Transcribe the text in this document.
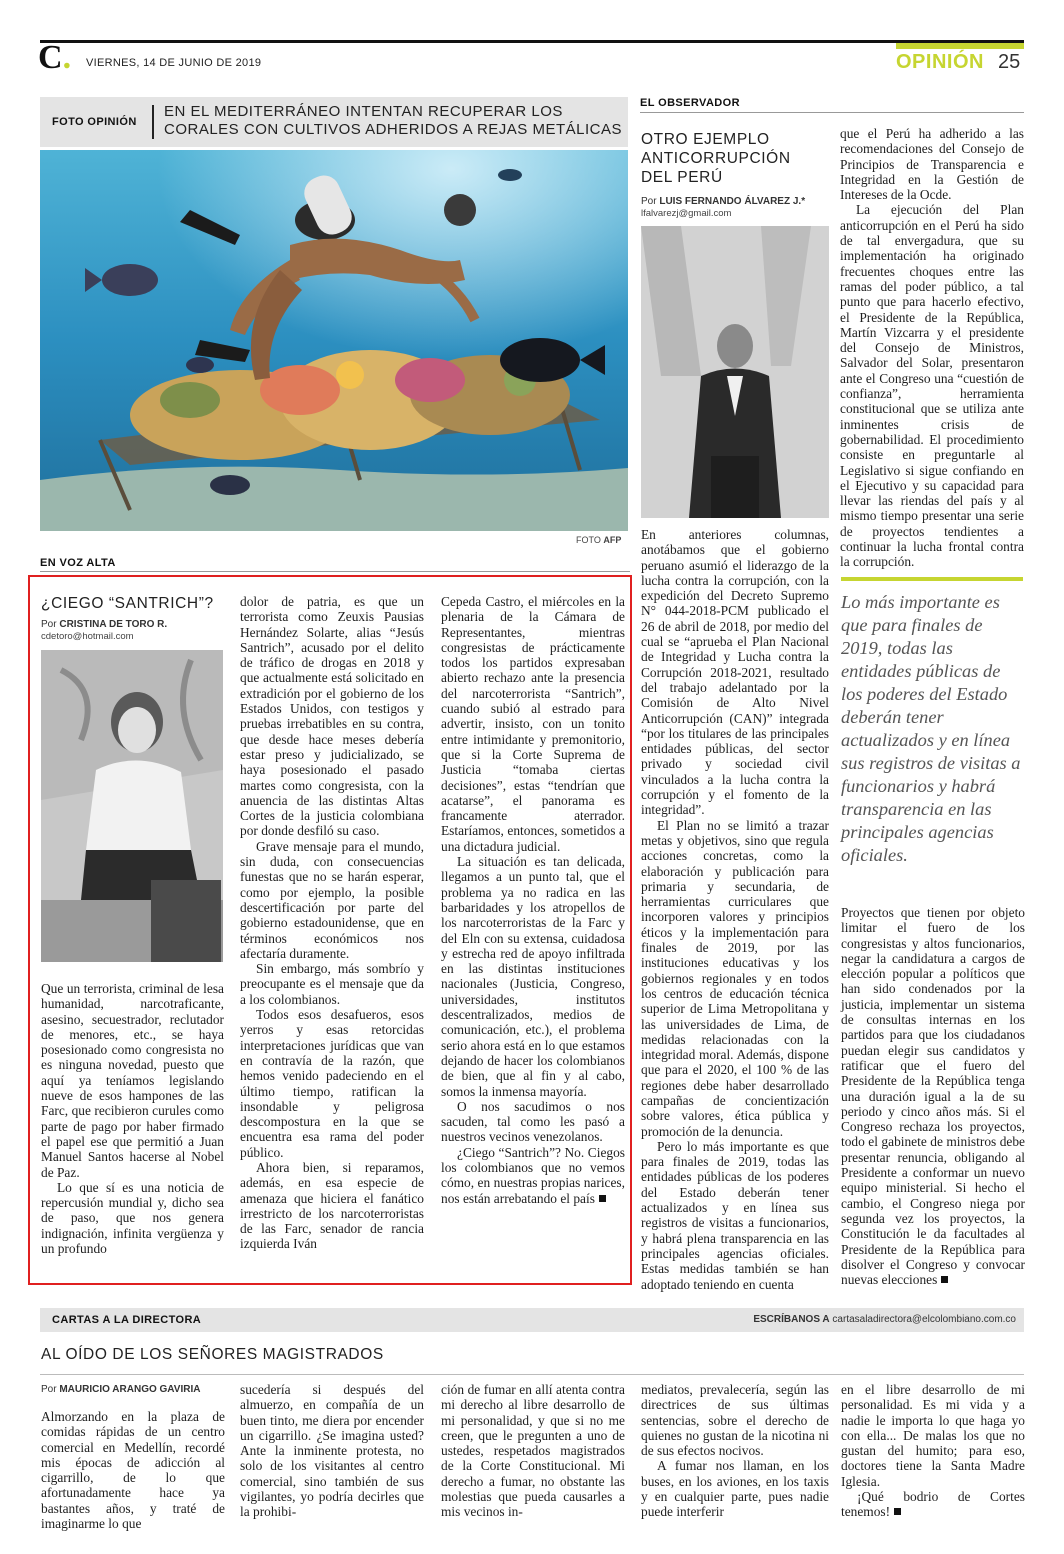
C. VIERNES, 14 DE JUNIO DE 2019	OPINIÓN 25
FOTO OPINIÓN
EN EL MEDITERRÁNEO INTENTAN RECUPERAR LOS
CORALES CON CULTIVOS ADHERIDOS A REJAS METÁLICAS
FOTO AFP
EL OBSERVADOR
OTRO EJEMPLO
ANTICORRUPCIÓN
DEL PERÚ
Por LUIS FERNANDO ÁLVAREZ J.*
lfalvarezj@gmail.com

En anteriores columnas, anotábamos que el gobierno peruano asumió el liderazgo de la lucha contra la corrupción, con la expedición del Decreto Supremo N° 044-2018-PCM publicado el 26 de abril de 2018, por medio del cual se “aprueba el Plan Nacional de Integridad y Lucha contra la Corrupción 2018-2021, resultado del trabajo adelantado por la Comisión de Alto Nivel Anticorrupción (CAN)” integrada “por los titulares de las principales entidades públicas, del sector privado y sociedad civil vinculados a la lucha contra la corrupción y el fomento de la integridad”.

El Plan no se limitó a trazar metas y objetivos, sino que regula acciones concretas, como la elaboración y publicación para primaria y secundaria, de herramientas curriculares que incorporen valores y principios éticos y la implementación para finales de 2019, por las instituciones educativas y los gobiernos regionales y en todos los centros de educación técnica superior de Lima Metropolitana y las universidades de Lima, de medidas relacionadas con la integridad moral. Además, dispone que para el 2020, el 100 % de las regiones debe haber desarrollado campañas de concientización sobre valores, ética pública y promoción de la denuncia.

Pero lo más importante es que para finales de 2019, todas las entidades públicas de los poderes del Estado deberán tener actualizados y en línea sus registros de visitas a funcionarios, y habrá plena transparencia en las principales agencias oficiales. Estas medidas también se han adoptado teniendo en cuenta

que el Perú ha adherido a las recomendaciones del Consejo de Principios de Transparencia e Integridad en la Gestión de Intereses de la Ocde.

La ejecución del Plan anticorrupción en el Perú ha sido de tal envergadura, que su implementación ha originado frecuentes choques entre las ramas del poder público, a tal punto que para hacerlo efectivo, el Presidente de la República, Martín Vizcarra y el presidente del Consejo de Ministros, Salvador del Solar, presentaron ante el Congreso una “cuestión de confianza”, herramienta constitucional que se utiliza ante inminentes crisis de gobernabilidad. El procedimiento consiste en preguntarle al Legislativo si sigue confiando en el Ejecutivo y su capacidad para llevar las riendas del país y al mismo tiempo presentar una serie de proyectos tendientes a continuar la lucha frontal contra la corrupción.

Lo más importante es que para finales de 2019, todas las entidades públicas de los poderes del Estado deberán tener actualizados y en línea sus registros de visitas a funcionarios y habrá transparencia en las principales agencias oficiales.

Proyectos que tienen por objeto limitar el fuero de los congresistas y altos funcionarios, negar la candidatura a cargos de elección popular a políticos que han sido condenados por la justicia, implementar un sistema de consultas internas en los partidos para que los ciudadanos puedan elegir sus candidatos y ratificar que el fuero del Presidente de la República tenga una duración igual a la de su periodo y cinco años más. Si el Congreso rechaza los proyectos, todo el gabinete de ministros debe presentar renuncia, obligando al Presidente a conformar un nuevo equipo ministerial. Si hecho el cambio, el Congreso niega por segunda vez los proyectos, la Constitución le da facultades al Presidente de la República para disolver el Congreso y convocar nuevas elecciones

EN VOZ ALTA
¿CIEGO “SANTRICH”?
Por CRISTINA DE TORO R.
cdetoro@hotmail.com

Que un terrorista, criminal de lesa humanidad, narcotraficante, asesino, secuestrador, reclutador de menores, etc., se haya posesionado como congresista no es ninguna novedad, puesto que aquí ya teníamos legislando nueve de esos hampones de las Farc, que recibieron curules como parte de pago por haber firmado el papel ese que permitió a Juan Manuel Santos hacerse al Nobel de Paz.

Lo que sí es una noticia de repercusión mundial y, dicho sea de paso, que nos genera indignación, infinita vergüenza y un profundo

dolor de patria, es que un terrorista como Zeuxis Pausias Hernández Solarte, alias “Jesús Santrich”, acusado por el delito de tráfico de drogas en 2018 y que actualmente está solicitado en extradición por el gobierno de los Estados Unidos, con testigos y pruebas irrebatibles en su contra, que desde hace meses debería estar preso y judicializado, se haya posesionado el pasado martes como congresista, con la anuencia de las distintas Altas Cortes de la justicia colombiana por donde desfiló su caso.

Grave mensaje para el mundo, sin duda, con consecuencias funestas que no se harán esperar, como por ejemplo, la posible descertificación por parte del gobierno estadounidense, que en términos económicos nos afectaría duramente.

Sin embargo, más sombrío y preocupante es el mensaje que da a los colombianos.

Todos esos desafueros, esos yerros y esas retorcidas interpretaciones jurídicas que van en contravía de la razón, que hemos venido padeciendo en el último tiempo, ratifican la insondable y peligrosa descompostura en la que se encuentra esa rama del poder público.

Ahora bien, si reparamos, además, en esa especie de amenaza que hiciera el fanático irrestricto de los narcoterroristas de las Farc, senador de rancia izquierda Iván

Cepeda Castro, el miércoles en la plenaria de la Cámara de Representantes, mientras congresistas de prácticamente todos los partidos expresaban abierto rechazo ante la presencia del narcoterrorista “Santrich”, cuando subió al estrado para advertir, insisto, con un tonito entre intimidante y premonitorio, que si la Corte Suprema de Justicia “tomaba ciertas decisiones”, estas “tendrían que acatarse”, el panorama es francamente aterrador. Estaríamos, entonces, sometidos a una dictadura judicial.

La situación es tan delicada, llegamos a un punto tal, que el problema ya no radica en las barbaridades y los atropellos de los narcoterroristas de la Farc y del Eln con su extensa, cuidadosa y estrecha red de apoyo infiltrada en las distintas instituciones nacionales (Justicia, Congreso, universidades, institutos descentralizados, medios de comunicación, etc.), el problema serio ahora está en lo que estamos dejando de hacer los colombianos de bien, que al fin y al cabo, somos la inmensa mayoría.

O nos sacudimos o nos sacuden, tal como les pasó a nuestros vecinos venezolanos.

¿Ciego “Santrich”? No. Ciegos los colombianos que no vemos cómo, en nuestras propias narices, nos están arrebatando el país

CARTAS A LA DIRECTORA	ESCRÍBANOS A cartasaladirectora@elcolombiano.com.co
AL OÍDO DE LOS SEÑORES MAGISTRADOS
Por MAURICIO ARANGO GAVIRIA

Almorzando en la plaza de comidas rápidas de un centro comercial en Medellín, recordé mis épocas de adicción al cigarrillo, de lo que afortunadamente hace ya bastantes años, y traté de imaginarme lo que

sucedería si después del almuerzo, en compañía de un buen tinto, me diera por encender un cigarrillo. ¿Se imagina usted? Ante la inminente protesta, no solo de los visitantes al centro comercial, sino también de sus vigilantes, yo podría decirles que la prohibi-

ción de fumar en allí atenta contra mi derecho al libre desarrollo de mi personalidad, y que si no me creen, que le pregunten a uno de ustedes, respetados magistrados de la Corte Constitucional. Mi derecho a fumar, no obstante las molestias que pueda causarles a mis vecinos in-

mediatos, prevalecería, según las directrices de sus últimas sentencias, sobre el derecho de quienes no gustan de la nicotina ni de sus efectos nocivos.

A fumar nos llaman, en los buses, en los aviones, en los taxis y en cualquier parte, pues nadie puede interferir

en el libre desarrollo de mi personalidad. Es mi vida y a nadie le importa lo que haga yo con ella... De malas los que no gustan del humito; para eso, doctores tiene la Santa Madre Iglesia.

¡Qué bodrio de Cortes tenemos!
